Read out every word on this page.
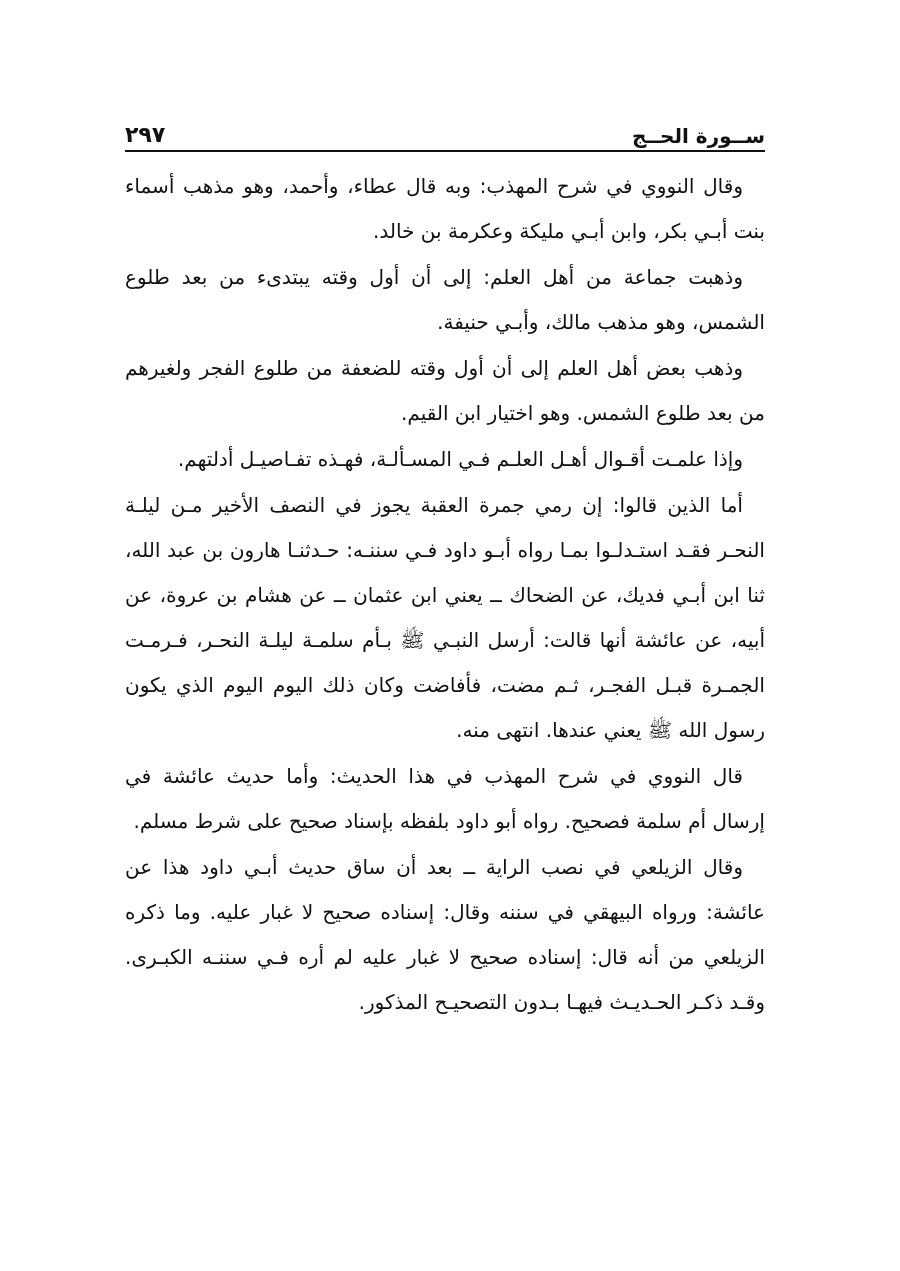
ســورة الحــج
٢٩٧

وقال النووي في شرح المهذب: وبه قال عطاء، وأحمد، وهو مذهب أسماء بنت أبـي بكر، وابن أبـي مليكة وعكرمة بن خالد.

وذهبت جماعة من أهل العلم: إلى أن أول وقته يبتدىء من بعد طلوع الشمس، وهو مذهب مالك، وأبـي حنيفة.

وذهب بعض أهل العلم إلى أن أول وقته للضعفة من طلوع الفجر ولغيرهم من بعد طلوع الشمس. وهو اختيار ابن القيم.

وإذا علمـت أقـوال أهـل العلـم فـي المسـألـة، فهـذه تفـاصيـل أدلتهم.

أما الذين قالوا: إن رمي جمرة العقبة يجوز في النصف الأخير مـن ليلـة النحـر فقـد استـدلـوا بمـا رواه أبـو داود فـي سننـه: حـدثنـا هارون بن عبد الله، ثنا ابن أبـي فديك، عن الضحاك ــ يعني ابن عثمان ــ عن هشام بن عروة، عن أبيه، عن عائشة أنها قالت: أرسل النبـي ﷺ بـأم سلمـة ليلـة النحـر، فـرمـت الجمـرة قبـل الفجـر، ثـم مضت، فأفاضت وكان ذلك اليوم اليوم الذي يكون رسول الله ﷺ يعني عندها. انتهى منه.

قال النووي في شرح المهذب في هذا الحديث: وأما حديث عائشة في إرسال أم سلمة فصحيح. رواه أبو داود بلفظه بإسناد صحيح على شرط مسلم.

وقال الزيلعي في نصب الراية ــ بعد أن ساق حديث أبـي داود هذا عن عائشة: ورواه البيهقي في سننه وقال: إسناده صحيح لا غبار عليه. وما ذكره الزيلعي من أنه قال: إسناده صحيح لا غبار عليه لم أره فـي سننـه الكبـرى. وقـد ذكـر الحـديـث فيهـا بـدون التصحيـح المذكور.
